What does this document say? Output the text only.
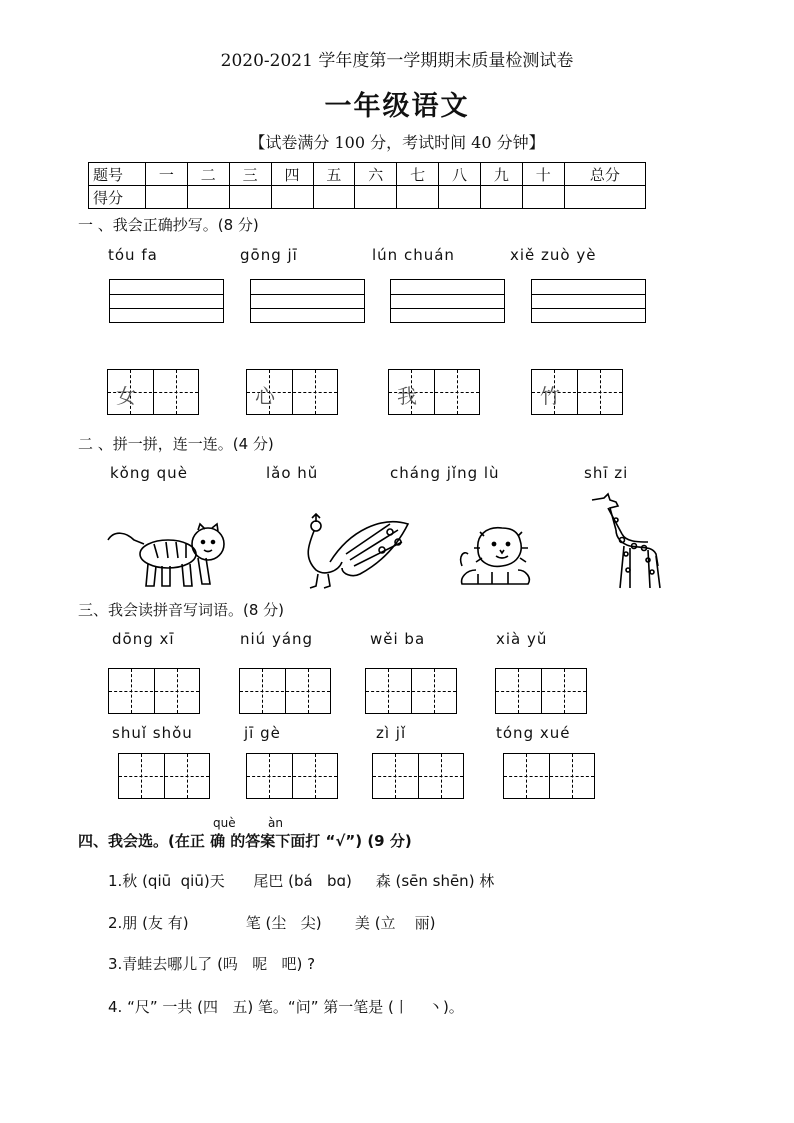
2020-2021 学年度第一学期期末质量检测试卷
一年级语文
【试卷满分 100 分，考试时间 40 分钟】
题号	一	二	三	四	五	六	七	八	九	十	总分
得分											
一 、我会正确抄写。(8 分)
tóu fa	gōng jī	lún chuán	xiě zuò yè
女	心	我	竹
二 、拼一拼，连一连。(4 分)
kǒng què	lǎo hǔ	cháng jǐng lù	shī zi
三、我会读拼音写词语。(8 分)
dōng xī	niú yáng	wěi ba	xià yǔ
shuǐ shǒu	jī gè	zì jǐ	tóng xué
què	àn
四、我会选。(在正 确 的答案下面打 “√”) (9 分)
1.秋 (qiū  qiū)天      尾巴 (bá   bɑ)     森 (sēn shēn) 林
2.朋 (友 有)            笔 (尘   尖)       美 (立    丽)
3.青蛙去哪儿了 (吗   呢   吧) ?
4. “尺” 一共 (四   五) 笔。“问” 第一笔是 (丨    丶)。
